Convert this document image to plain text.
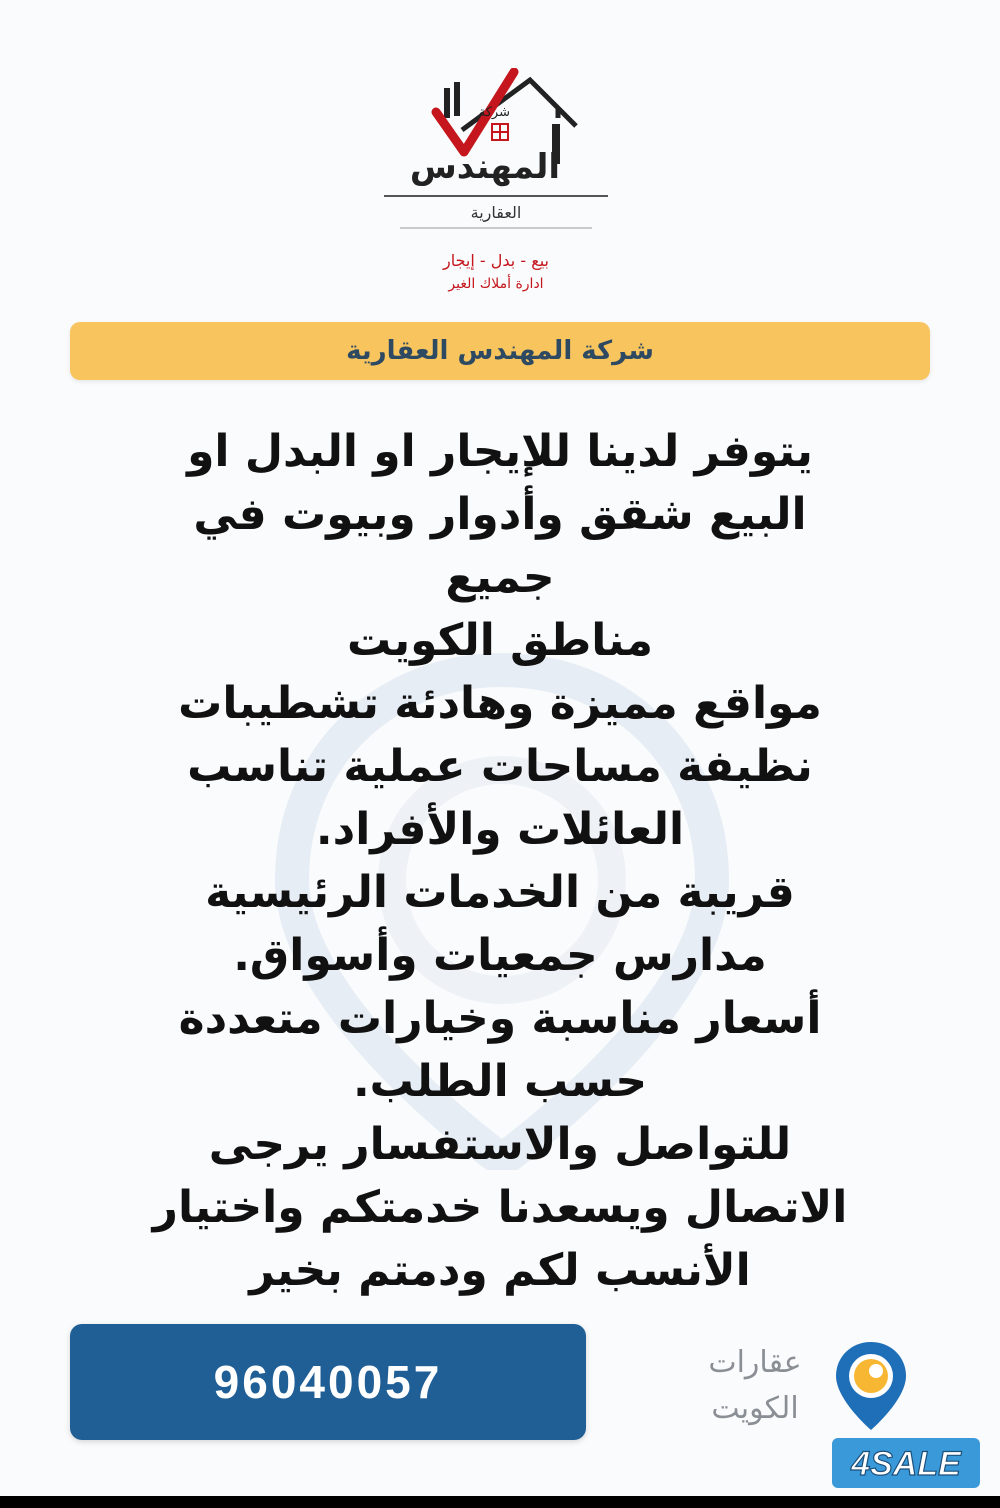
شركة
المهندس
العقارية
بيع - بدل - إيجار
ادارة أملاك الغير
شركة المهندس العقارية
يتوفر لدينا للإيجار او البدل او
البيع شقق وأدوار وبيوت في جميع
مناطق الكويت
مواقع مميزة وهادئة تشطيبات
نظيفة مساحات عملية تناسب
العائلات والأفراد.
قريبة من الخدمات الرئيسية
مدارس جمعيات وأسواق.
أسعار مناسبة وخيارات متعددة
حسب الطلب.
للتواصل والاستفسار يرجى
الاتصال ويسعدنا خدمتكم واختيار
الأنسب لكم ودمتم بخير
96040057	عقارات
الكويت
4SALE
